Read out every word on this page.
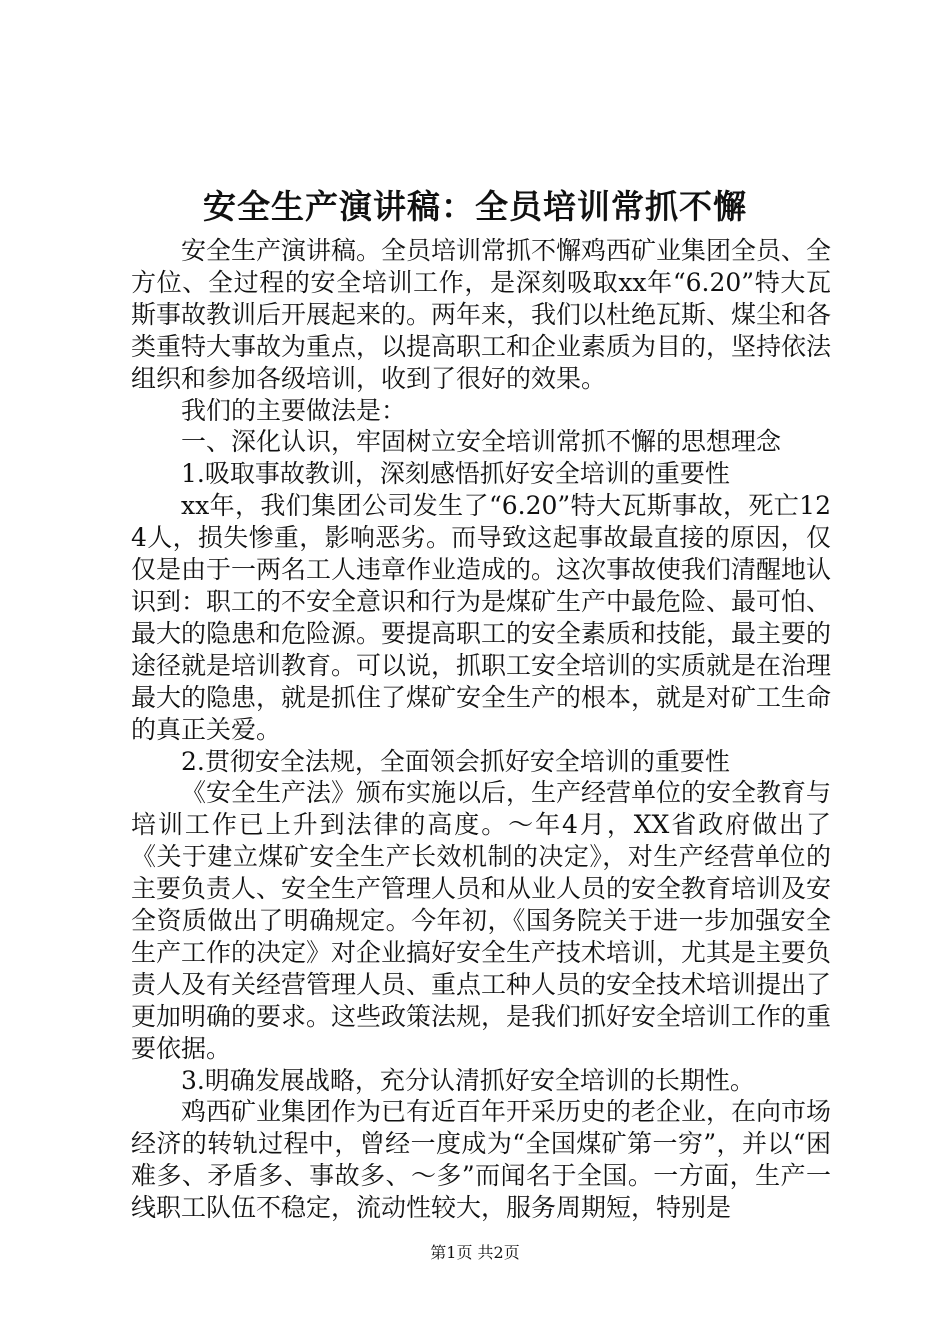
安全生产演讲稿：全员培训常抓不懈

安全生产演讲稿。全员培训常抓不懈鸡西矿业集团全员、全方位、全过程的安全培训工作，是深刻吸取xx年“6.20”特大瓦斯事故教训后开展起来的。两年来，我们以杜绝瓦斯、煤尘和各类重特大事故为重点，以提高职工和企业素质为目的，坚持依法组织和参加各级培训，收到了很好的效果。

我们的主要做法是：

一、深化认识，牢固树立安全培训常抓不懈的思想理念

1.吸取事故教训，深刻感悟抓好安全培训的重要性

xx年，我们集团公司发生了“6.20”特大瓦斯事故，死亡124人，损失惨重，影响恶劣。而导致这起事故最直接的原因，仅仅是由于一两名工人违章作业造成的。这次事故使我们清醒地认识到：职工的不安全意识和行为是煤矿生产中最危险、最可怕、最大的隐患和危险源。要提高职工的安全素质和技能，最主要的途径就是培训教育。可以说，抓职工安全培训的实质就是在治理最大的隐患，就是抓住了煤矿安全生产的根本，就是对矿工生命的真正关爱。

2.贯彻安全法规，全面领会抓好安全培训的重要性

《安全生产法》颁布实施以后，生产经营单位的安全教育与培训工作已上升到法律的高度。～年4月，XX省政府做出了《关于建立煤矿安全生产长效机制的决定》，对生产经营单位的主要负责人、安全生产管理人员和从业人员的安全教育培训及安全资质做出了明确规定。今年初，《国务院关于进一步加强安全生产工作的决定》对企业搞好安全生产技术培训，尤其是主要负责人及有关经营管理人员、重点工种人员的安全技术培训提出了更加明确的要求。这些政策法规，是我们抓好安全培训工作的重要依据。

3.明确发展战略，充分认清抓好安全培训的长期性。

鸡西矿业集团作为已有近百年开采历史的老企业，在向市场经济的转轨过程中，曾经一度成为“全国煤矿第一穷”，并以“困难多、矛盾多、事故多、～多”而闻名于全国。一方面，生产一线职工队伍不稳定，流动性较大，服务周期短，特别是

第1页 共2页
